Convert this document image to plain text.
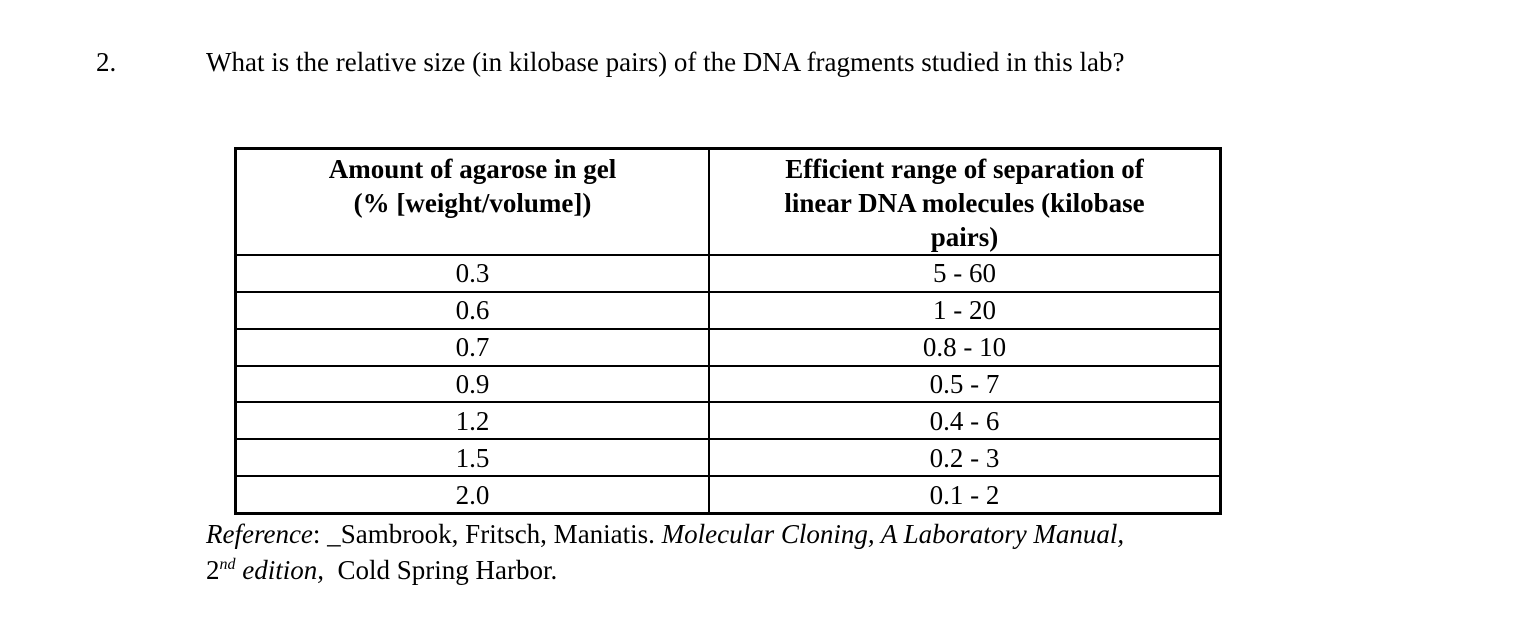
2.	What is the relative size (in kilobase pairs) of the DNA fragments studied in this lab?
Amount of agarose in gel
(% [weight/volume])	Efficient range of separation of
linear DNA molecules (kilobase
pairs)

0.3	5 - 60
0.6	1 - 20
0.7	0.8 - 10
0.9	0.5 - 7
1.2	0.4 - 6
1.5	0.2 - 3
2.0	0.1 - 2
Reference: _Sambrook, Fritsch, Maniatis. Molecular Cloning, A Laboratory Manual,
2nd edition,  Cold Spring Harbor.
